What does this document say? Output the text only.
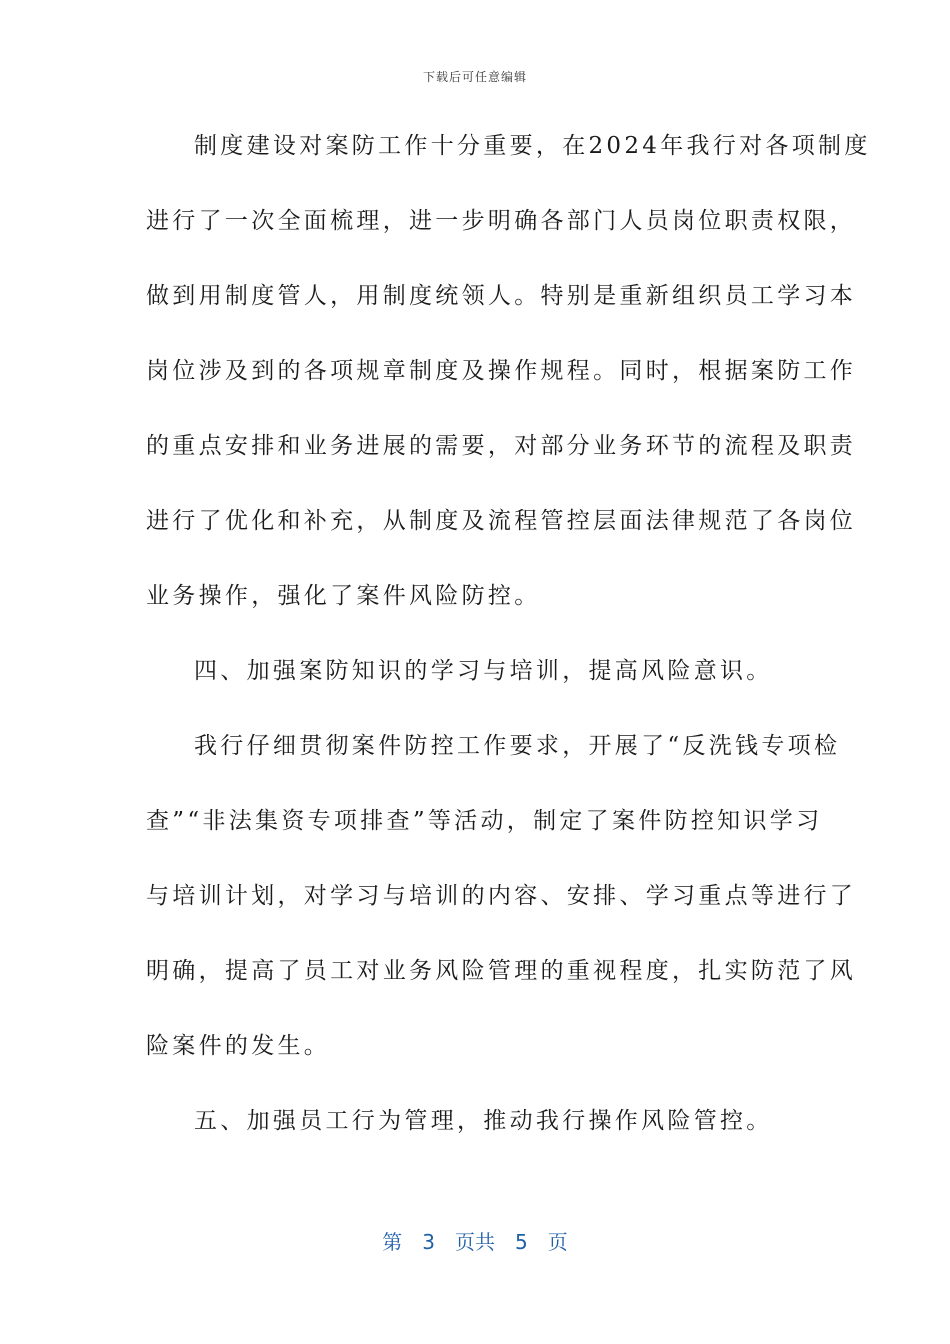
下载后可任意编辑
制度建设对案防工作十分重要，在2024年我行对各项制度
进行了一次全面梳理，进一步明确各部门人员岗位职责权限，
做到用制度管人，用制度统领人。特别是重新组织员工学习本
岗位涉及到的各项规章制度及操作规程。同时，根据案防工作
的重点安排和业务进展的需要，对部分业务环节的流程及职责
进行了优化和补充，从制度及流程管控层面法律规范了各岗位
业务操作，强化了案件风险防控。
四、加强案防知识的学习与培训，提高风险意识。
我行仔细贯彻案件防控工作要求，开展了“反洗钱专项检
查”“非法集资专项排查”等活动，制定了案件防控知识学习
与培训计划，对学习与培训的内容、安排、学习重点等进行了
明确，提高了员工对业务风险管理的重视程度，扎实防范了风
险案件的发生。
五、加强员工行为管理，推动我行操作风险管控。
第 3 页共 5 页
